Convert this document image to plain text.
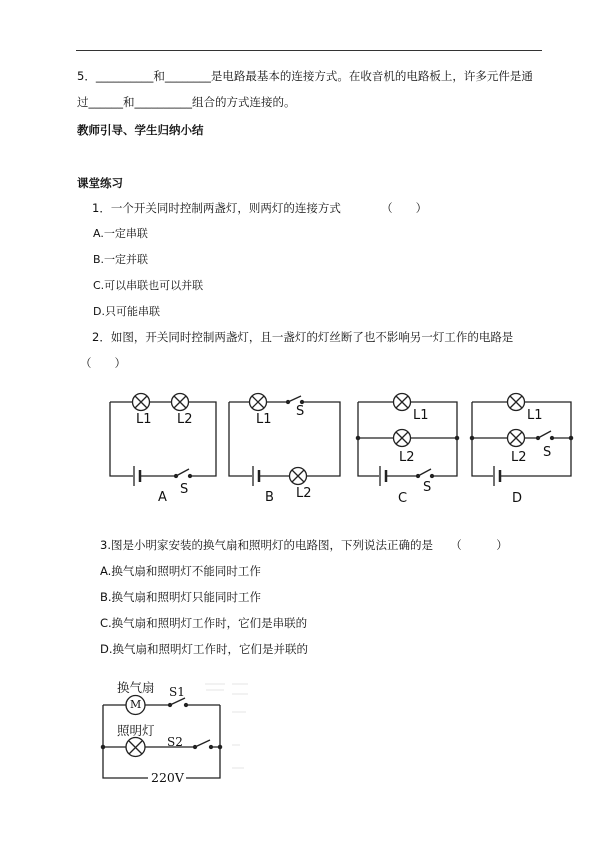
5．__________和________是电路最基本的连接方式。在收音机的电路板上，许多元件是通
过______和__________组合的方式连接的。
教师引导、学生归纳小结
课堂练习
1．一个开关同时控制两盏灯，则两灯的连接方式　　　　（　　）
A.一定串联
B.一定并联
C.可以串联也可以并联
D.只可能串联
2．如图，开关同时控制两盏灯，且一盏灯的灯丝断了也不影响另一灯工作的电路是
（　　）
L1 L2
S
A
L1
L2
S
B
L1
L2
S
C
L1
L2 S
D
3.图是小明家安装的换气扇和照明灯的电路图，下列说法正确的是　　（　　　）
A.换气扇和照明灯不能同时工作
B.换气扇和照明灯只能同时工作
C.换气扇和照明灯工作时，它们是串联的
D.换气扇和照明灯工作时，它们是并联的
换气扇
M
S1
照明灯
S2
220V
